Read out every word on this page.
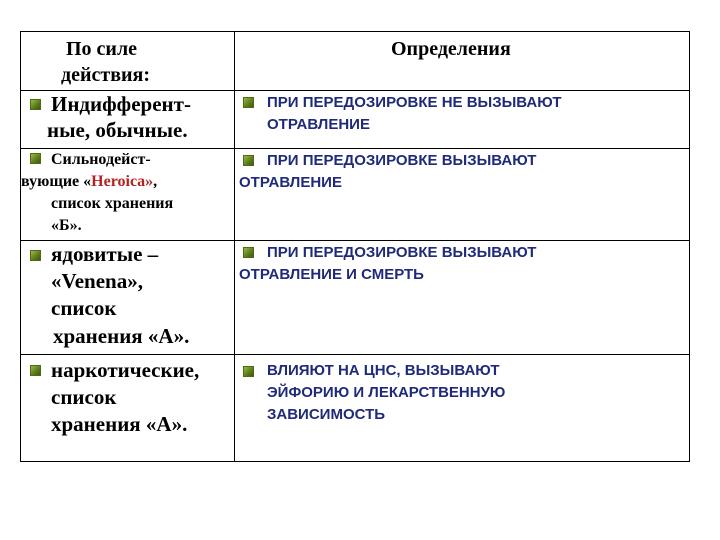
По силе
действия:
Определения
Индифферент-
ные, обычные.
ПРИ ПЕРЕДОЗИРОВКЕ НЕ ВЫЗЫВАЮТ
ОТРАВЛЕНИЕ
Сильнодейст-
вующие «Heroica»,
список хранения
«Б».
ПРИ ПЕРЕДОЗИРОВКЕ ВЫЗЫВАЮТ
ОТРАВЛЕНИЕ
ядовитые –
«Venena»,
список
хранения «А».
ПРИ ПЕРЕДОЗИРОВКЕ ВЫЗЫВАЮТ
ОТРАВЛЕНИЕ И СМЕРТЬ
наркотические,
список
хранения «А».
ВЛИЯЮТ НА ЦНС, ВЫЗЫВАЮТ
ЭЙФОРИЮ И ЛЕКАРСТВЕННУЮ
ЗАВИСИМОСТЬ
